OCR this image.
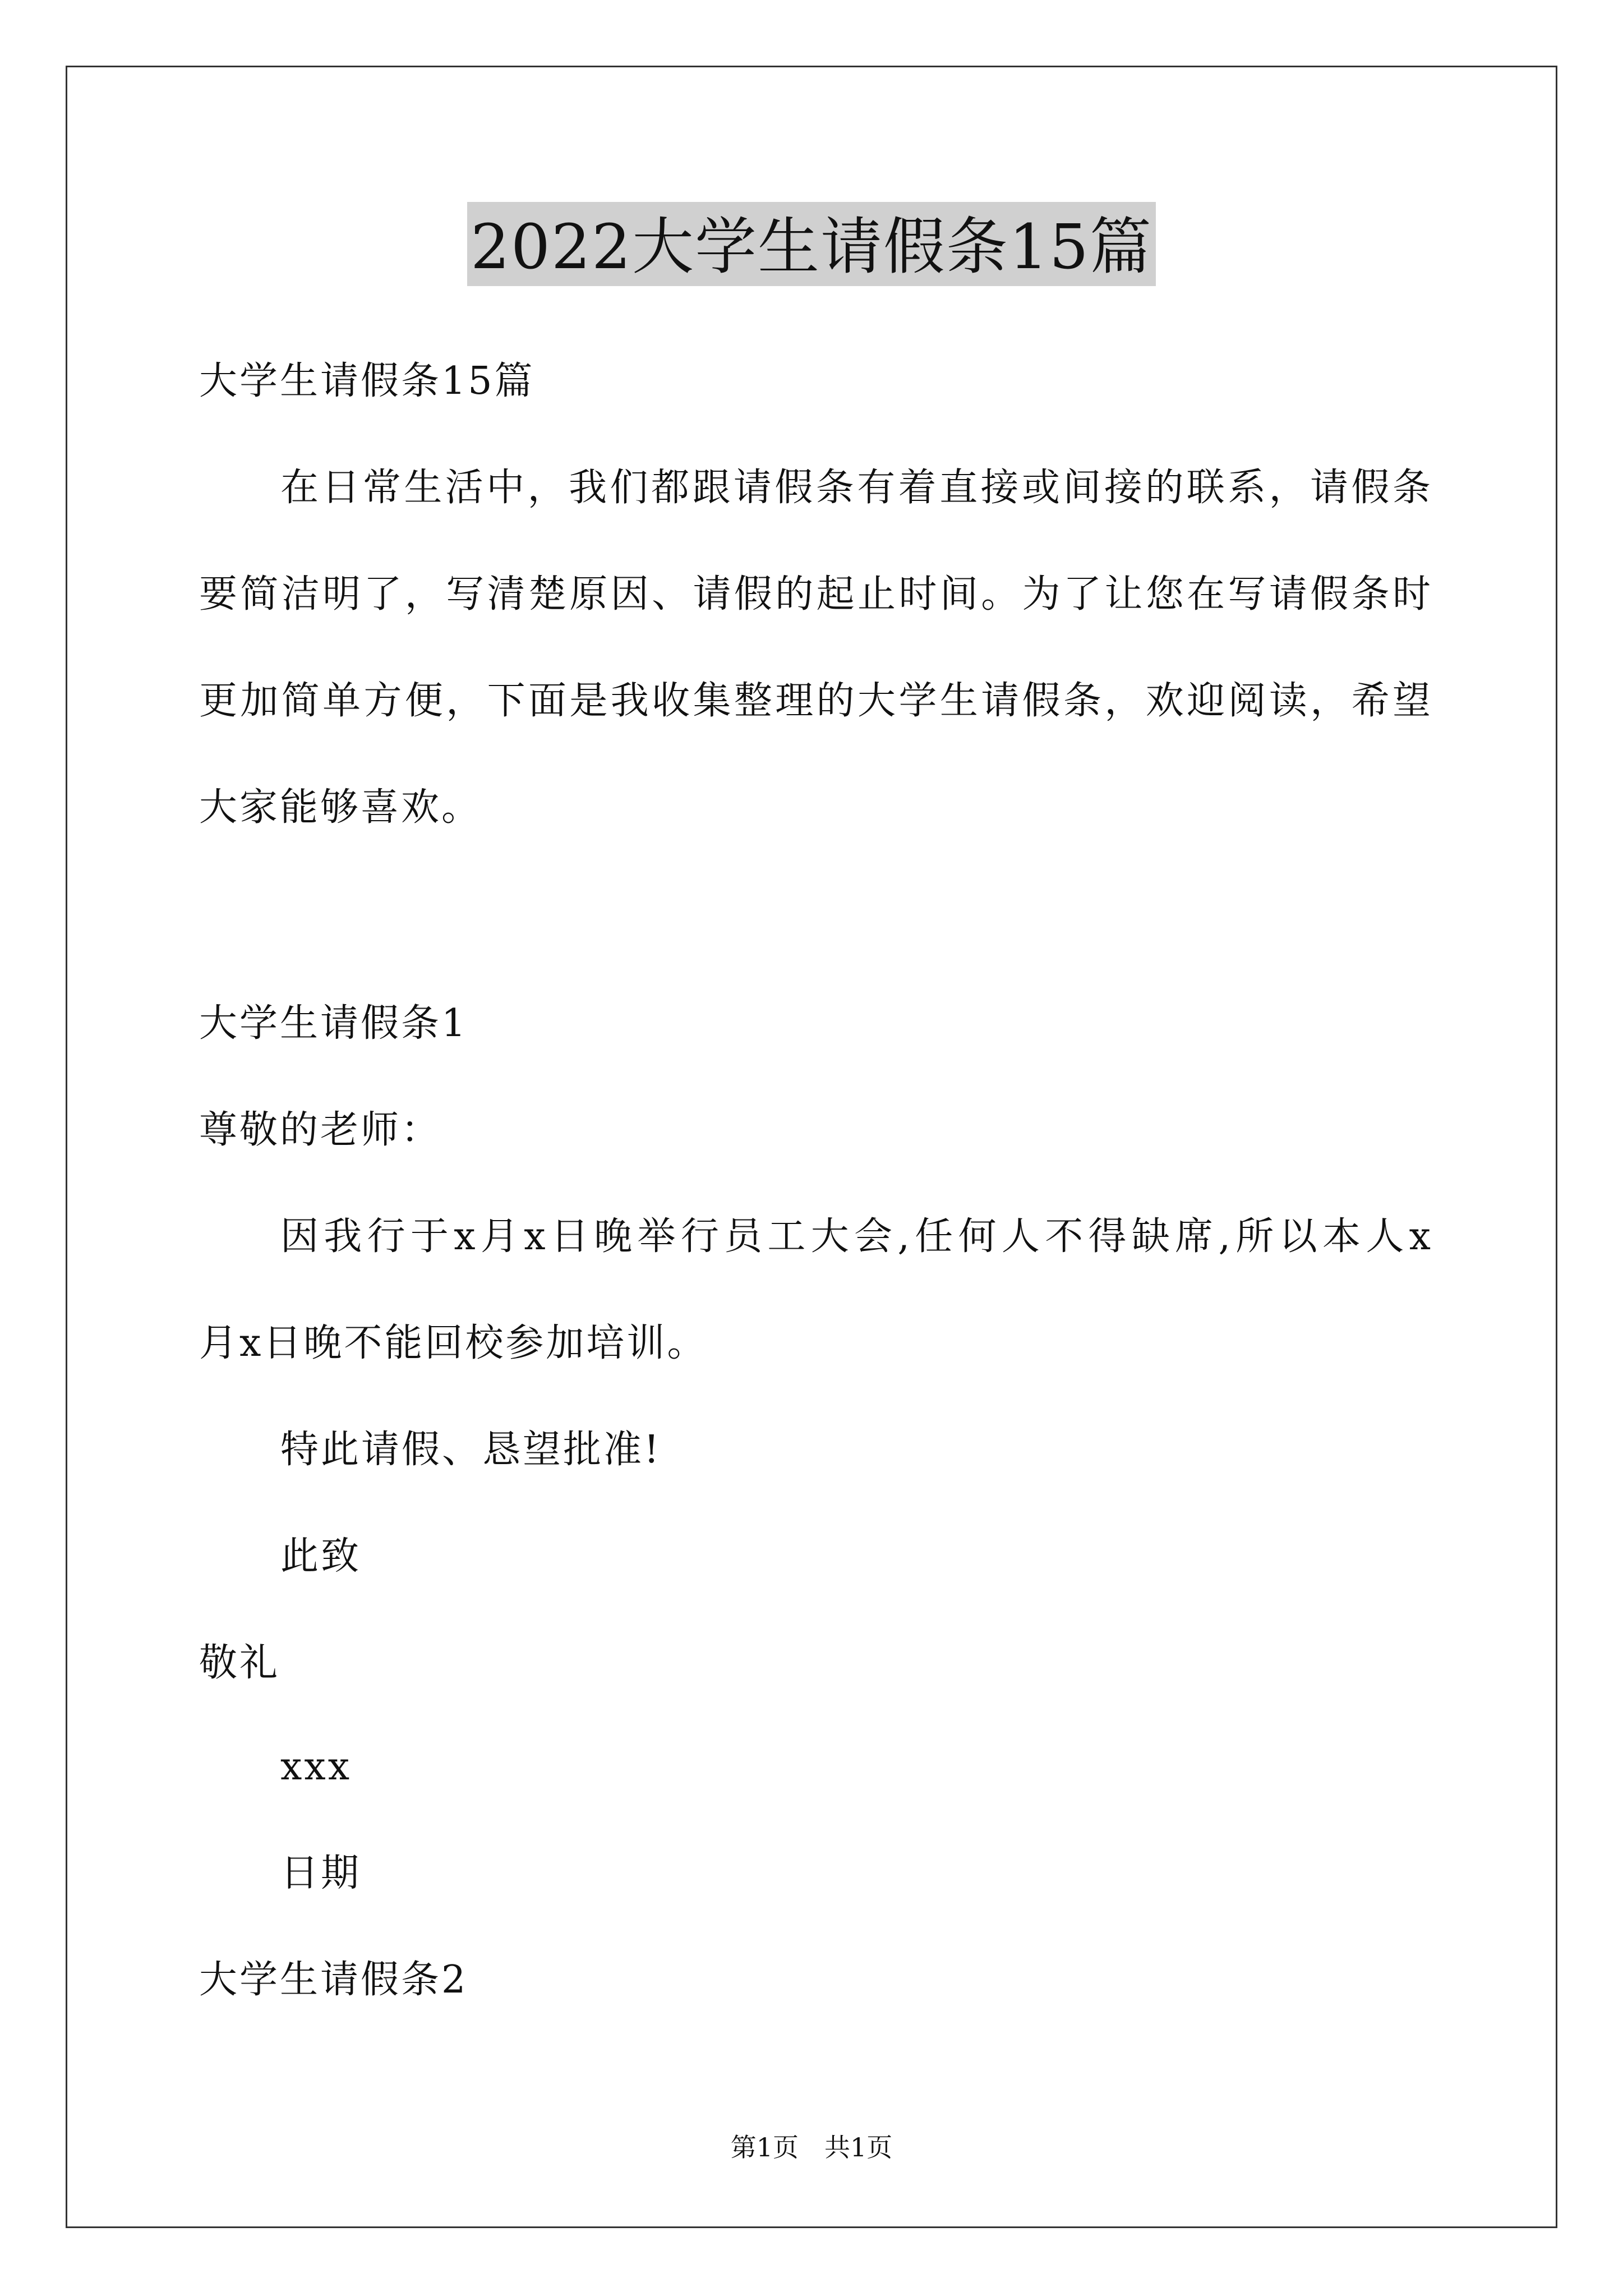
2022大学生请假条15篇
大学生请假条15篇
在日常生活中，我们都跟请假条有着直接或间接的联系，请假条
要简洁明了，写清楚原因、请假的起止时间。为了让您在写请假条时
更加简单方便，下面是我收集整理的大学生请假条，欢迎阅读，希望
大家能够喜欢。
大学生请假条1
尊敬的老师：
因我行于x月x日晚举行员工大会,任何人不得缺席,所以本人x
月x日晚不能回校参加培训。
特此请假、恳望批准!
此致
敬礼
xxx
日期
大学生请假条2
第1页　共1页
